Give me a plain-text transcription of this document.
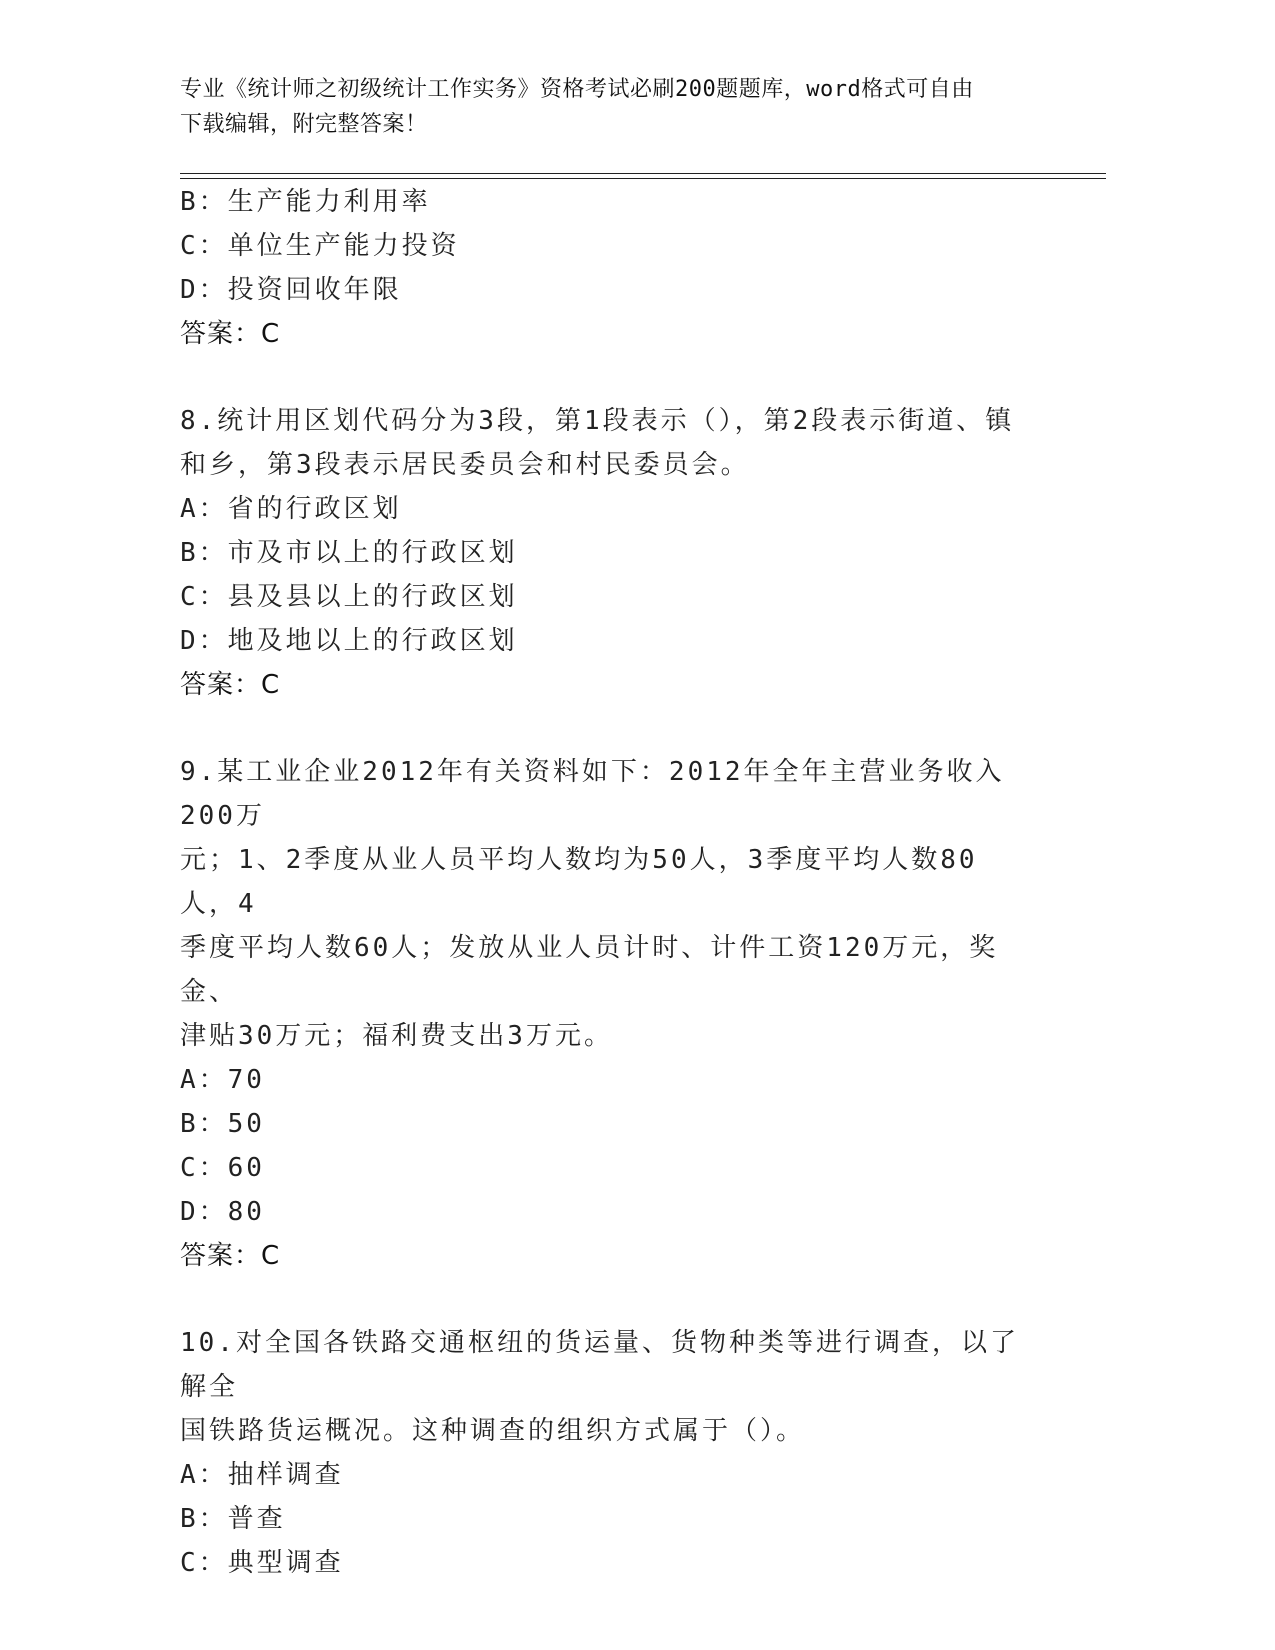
专业《统计师之初级统计工作实务》资格考试必刷200题题库，word格式可自由
下载编辑，附完整答案！
B：生产能力利用率
C：单位生产能力投资
D：投资回收年限
答案：C
8.统计用区划代码分为3段，第1段表示（），第2段表示街道、镇
和乡，第3段表示居民委员会和村民委员会。
A：省的行政区划
B：市及市以上的行政区划
C：县及县以上的行政区划
D：地及地以上的行政区划
答案：C
9.某工业企业2012年有关资料如下：2012年全年主营业务收入200万
元；1、2季度从业人员平均人数均为50人，3季度平均人数80人，4
季度平均人数60人；发放从业人员计时、计件工资120万元，奖金、
津贴30万元；福利费支出3万元。
A：70
B：50
C：60
D：80
答案：C
10.对全国各铁路交通枢纽的货运量、货物种类等进行调查，以了解全
国铁路货运概况。这种调查的组织方式属于（）。
A：抽样调查
B：普查
C：典型调查
